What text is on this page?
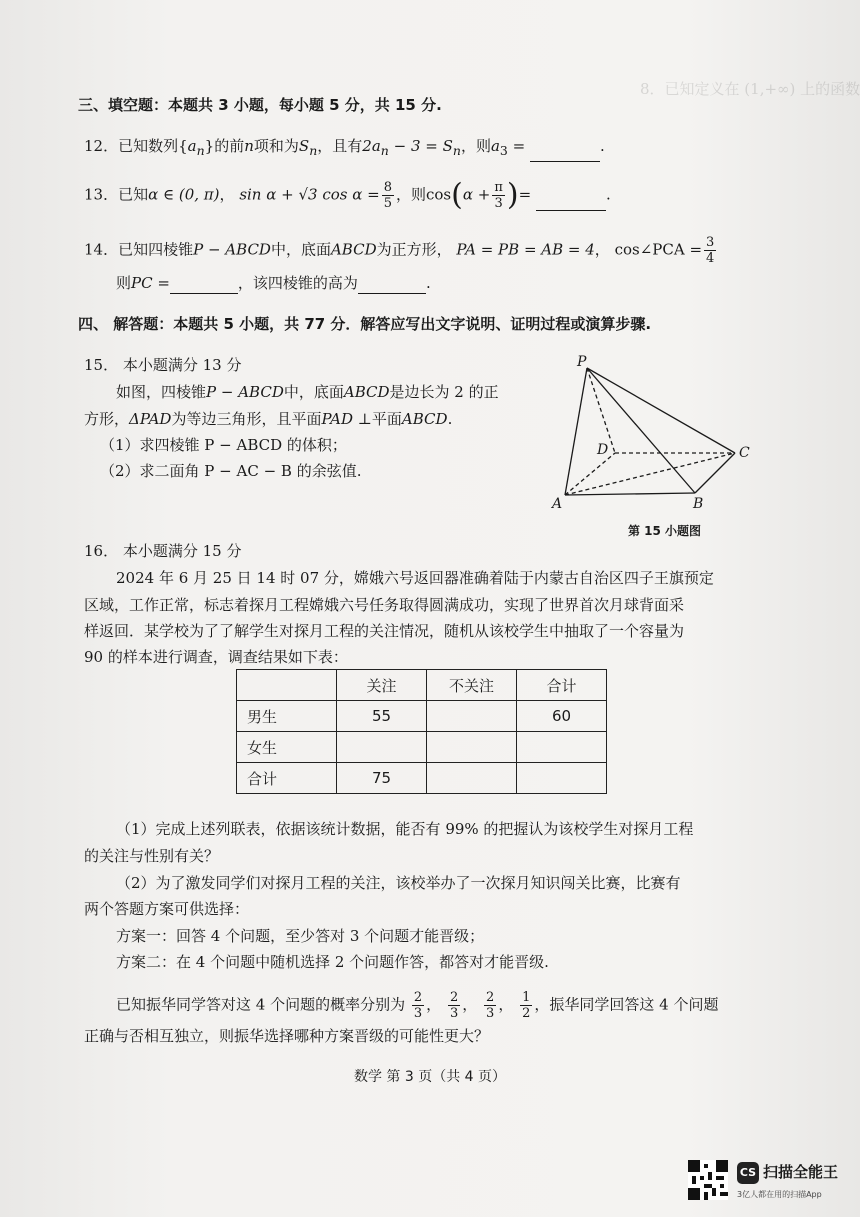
8．已知定义在 (1,+∞) 上的函数
三、填空题：本题共 3 小题，每小题 5 分，共 15 分.
12．已知数列$\{a_n\}$的前n项和为$S_n$，且有$2a_n - 3 = S_n$，则$a_3$ =	.
13．已知α ∈ (0, π)， sin α + √3 $\cos \alpha = \frac{8}{5}$ ，则$\cos(\alpha + \frac{\pi}{3}$ )=	.
14．已知四棱锥P − ABCD中，底面ABCD为正方形， PA = PB = AB = 4， cos∠PCA = $\frac{3}{4}$
则PC =	，该四棱锥的高为	.
四、 解答题：本题共 5 小题，共 77 分．解答应写出文字说明、证明过程或演算步骤.
15． 本小题满分 13 分
如图，四棱锥P − ABCD中，底面ABCD是边长为 2 的正
方形，ΔPAD为等边三角形，且平面PAD ⊥平面ABCD.
（1）求四棱锥 P − ABCD 的体积；
（2）求二面角 P − AC − B 的余弦值.
P
A	B
C
D
第 15 小题图
16． 本小题满分 15 分
2024 年 6 月 25 日 14 时 07 分，嫦娥六号返回器准确着陆于内蒙古自治区四子王旗预定
区域，工作正常，标志着探月工程嫦娥六号任务取得圆满成功，实现了世界首次月球背面采
样返回．某学校为了了解学生对探月工程的关注情况，随机从该校学生中抽取了一个容量为
90 的样本进行调查，调查结果如下表：
	关注	不关注	合计
男生	55		60
女生			
合计	75		
（1）完成上述列联表，依据该统计数据，能否有 99% 的把握认为该校学生对探月工程
的关注与性别有关？
（2）为了激发同学们对探月工程的关注，该校举办了一次探月知识闯关比赛，比赛有
两个答题方案可供选择：
方案一：回答 4 个问题，至少答对 3 个问题才能晋级；
方案二：在 4 个问题中随机选择 2 个问题作答，都答对才能晋级.
已知振华同学答对这 4 个问题的概率分别为 $\frac{2}{3}$ ， $\frac{2}{3}$ ， $\frac{2}{3}$ ， $\frac{1}{2}$ ，振华同学回答这 4 个问题
正确与否相互独立，则振华选择哪种方案晋级的可能性更大？
数学 第 3 页（共 4 页）
CS 扫描全能王
3亿人都在用的扫描App
